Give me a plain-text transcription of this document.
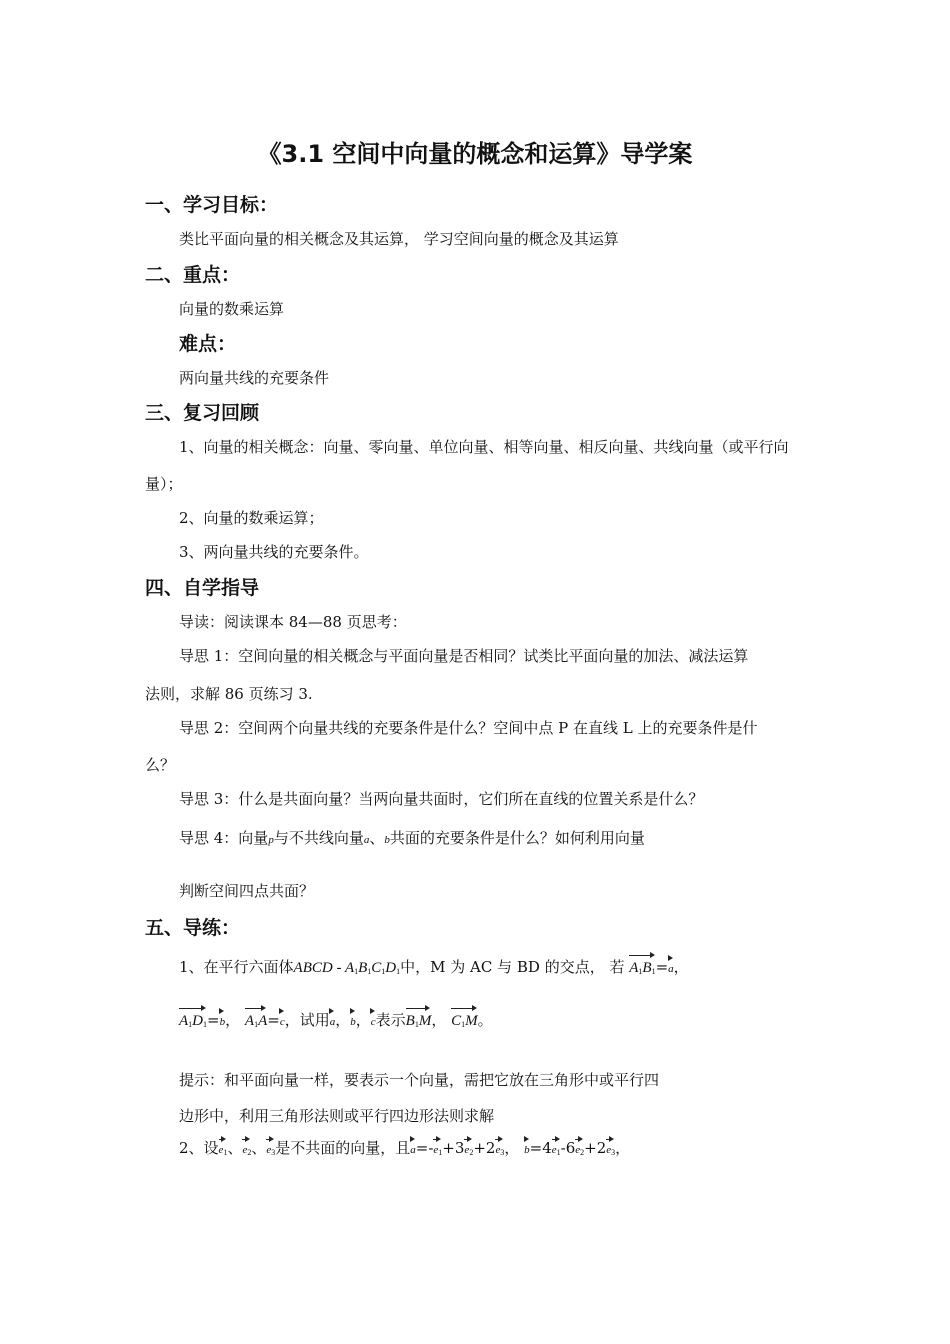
《3.1 空间中向量的概念和运算》导学案
一、学习目标：
类比平面向量的相关概念及其运算， 学习空间向量的概念及其运算
二、重点：
向量的数乘运算
难点：
两向量共线的充要条件
三、复习回顾
1、向量的相关概念：向量、零向量、单位向量、相等向量、相反向量、共线向量（或平行向
量）；
2、向量的数乘运算；
3、两向量共线的充要条件。
四、自学指导
导读：阅读课本 84—88 页思考：
导思 1：空间向量的相关概念与平面向量是否相同？试类比平面向量的加法、减法运算
法则，求解 86 页练习 3.
导思 2：空间两个向量共线的充要条件是什么？空间中点 P 在直线 L 上的充要条件是什
么？
导思 3：什么是共面向量？当两向量共面时，它们所在直线的位置关系是什么？
导思 4：向量p与不共线向量a、b共面的充要条件是什么？如何利用向量
判断空间四点共面？
五、导练：
1、在平行六面体ABCD - A1B1C1D1中，M 为 AC 与 BD 的交点， 若 A1B1=a，
A1D1=b， A1A=c，试用a，b，c表示B1M， C1M。
提示：和平面向量一样，要表示一个向量，需把它放在三角形中或平行四
边形中，利用三角形法则或平行四边形法则求解
2、设e1、e2、e3是不共面的向量，且a=-e1+3e2+2e3， b=4e1-6e2+2e3，
